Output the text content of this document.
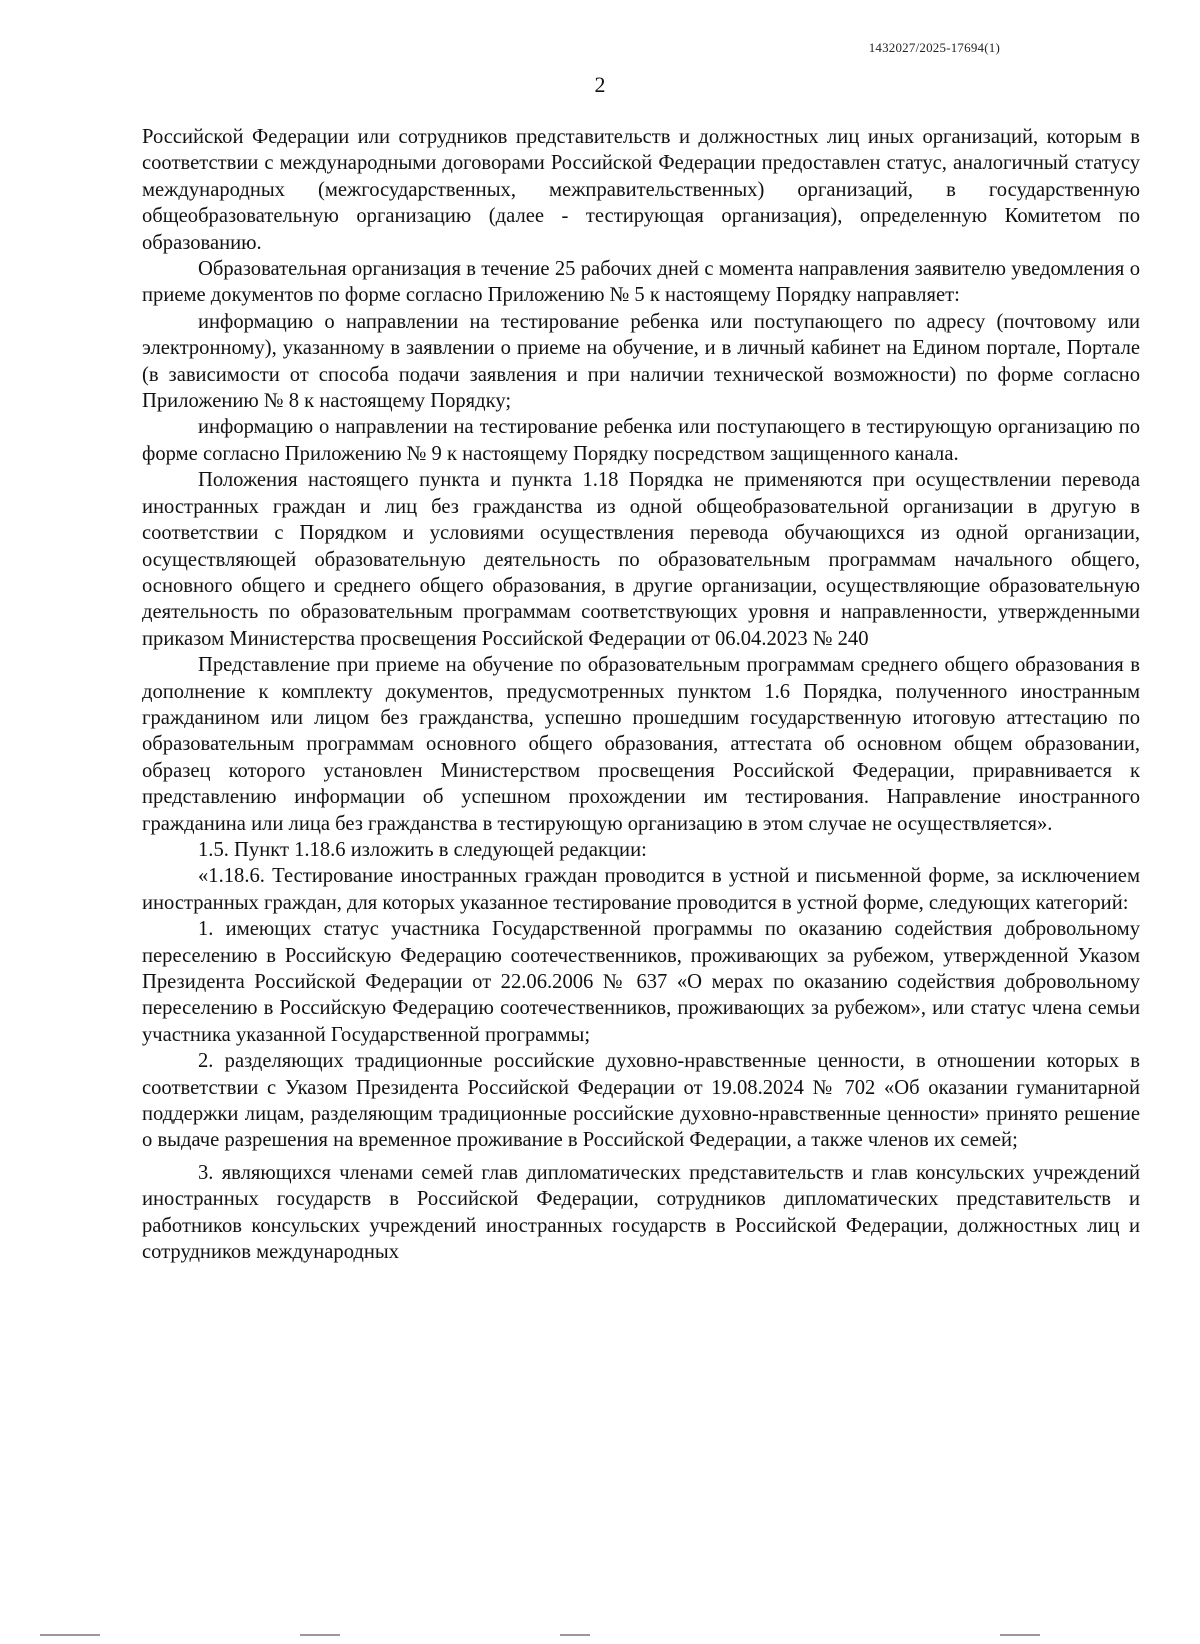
1432027/2025-17694(1)
2

Российской Федерации или сотрудников представительств и должностных лиц иных организаций, которым в соответствии с международными договорами Российской Федерации предоставлен статус, аналогичный статусу международных (межгосударственных, межправительственных) организаций, в государственную общеобразовательную организацию (далее - тестирующая организация), определенную Комитетом по образованию.

Образовательная организация в течение 25 рабочих дней с момента направления заявителю уведомления о приеме документов по форме согласно Приложению № 5 к настоящему Порядку направляет:

информацию о направлении на тестирование ребенка или поступающего по адресу (почтовому или электронному), указанному в заявлении о приеме на обучение, и в личный кабинет на Едином портале, Портале (в зависимости от способа подачи заявления и при наличии технической возможности) по форме согласно Приложению № 8 к настоящему Порядку;

информацию о направлении на тестирование ребенка или поступающего в тестирующую организацию по форме согласно Приложению № 9 к настоящему Порядку посредством защищенного канала.

Положения настоящего пункта и пункта 1.18 Порядка не применяются при осуществлении перевода иностранных граждан и лиц без гражданства из одной общеобразовательной организации в другую в соответствии с Порядком и условиями осуществления перевода обучающихся из одной организации, осуществляющей образовательную деятельность по образовательным программам начального общего, основного общего и среднего общего образования, в другие организации, осуществляющие образовательную деятельность по образовательным программам соответствующих уровня и направленности, утвержденными приказом Министерства просвещения Российской Федерации от 06.04.2023 № 240

Представление при приеме на обучение по образовательным программам среднего общего образования в дополнение к комплекту документов, предусмотренных пунктом 1.6 Порядка, полученного иностранным гражданином или лицом без гражданства, успешно прошедшим государственную итоговую аттестацию по образовательным программам основного общего образования, аттестата об основном общем образовании, образец которого установлен Министерством просвещения Российской Федерации, приравнивается к представлению информации об успешном прохождении им тестирования. Направление иностранного гражданина или лица без гражданства в тестирующую организацию в этом случае не осуществляется».

1.5. Пункт 1.18.6 изложить в следующей редакции:

«1.18.6. Тестирование иностранных граждан проводится в устной и письменной форме, за исключением иностранных граждан, для которых указанное тестирование проводится в устной форме, следующих категорий:

1. имеющих статус участника Государственной программы по оказанию содействия добровольному переселению в Российскую Федерацию соотечественников, проживающих за рубежом, утвержденной Указом Президента Российской Федерации от 22.06.2006 № 637 «О мерах по оказанию содействия добровольному переселению в Российскую Федерацию соотечественников, проживающих за рубежом», или статус члена семьи участника указанной Государственной программы;

2. разделяющих традиционные российские духовно-нравственные ценности, в отношении которых в соответствии с Указом Президента Российской Федерации от 19.08.2024 № 702 «Об оказании гуманитарной поддержки лицам, разделяющим традиционные российские духовно-нравственные ценности» принято решение о выдаче разрешения на временное проживание в Российской Федерации, а также членов их семей;

3. являющихся членами семей глав дипломатических представительств и глав консульских учреждений иностранных государств в Российской Федерации, сотрудников дипломатических представительств и работников консульских учреждений иностранных государств в Российской Федерации, должностных лиц и сотрудников международных
